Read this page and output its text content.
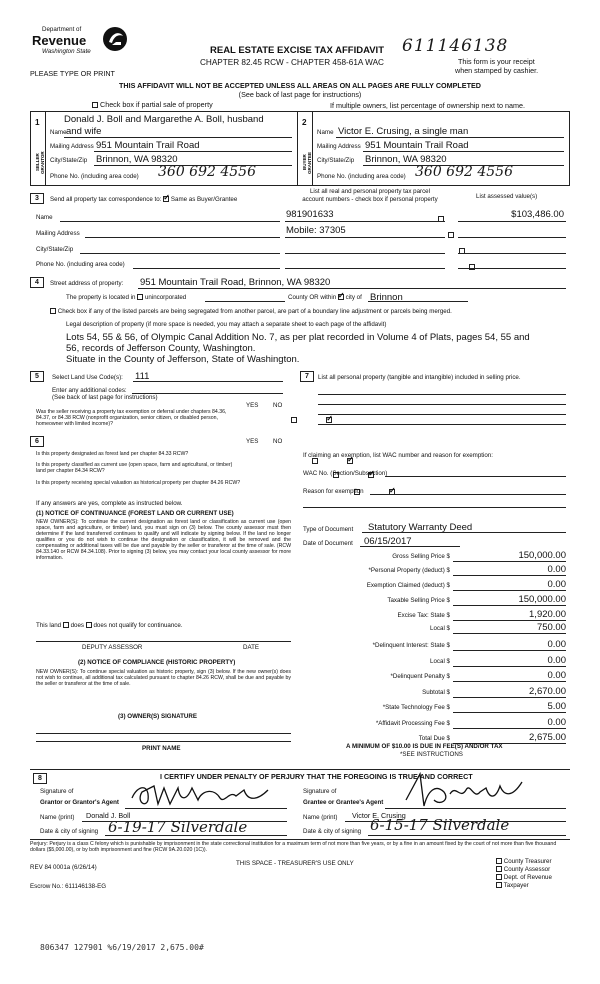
Department of
Revenue
Washington State
PLEASE TYPE OR PRINT
REAL ESTATE EXCISE TAX AFFIDAVIT
CHAPTER 82.45 RCW - CHAPTER 458-61A WAC
611146138
This form is your receipt
when stamped by cashier.
THIS AFFIDAVIT WILL NOT BE ACCEPTED UNLESS ALL AREAS ON ALL PAGES ARE FULLY COMPLETED
(See back of last page for instructions)
Check box if partial sale of property	If multiple owners, list percentage of ownership next to name.
1	2
SELLER GRANTOR	BUYER GRANTEE
Donald J. Boll and Margarethe A. Boll, husband
Name and wife
Mailing Address 951 Mountain Trail Road
City/State/Zip Brinnon, WA 98320
Phone No. (including area code) 360 692 4556
Name Victor E. Crusing, a single man
Mailing Address 951 Mountain Trail Road
City/State/Zip Brinnon, WA 98320
Phone No. (including area code) 360 692 4556
3	Send all property tax correspondence to: ✓ Same as Buyer/Grantee
List all real and personal property tax parcel
account numbers - check box if personal property	List assessed value(s)
Name
Mailing Address
City/State/Zip
Phone No. (including area code)
981901633
	$103,486.00
Mobile: 37305

4	Street address of property: 951 Mountain Trail Road, Brinnon, WA 98320
The property is located in unincorporated	County OR within ✓ city of Brinnon
Check box if any of the listed parcels are being segregated from another parcel, are part of a boundary line adjustment or parcels being merged.
Legal description of property (if more space is needed, you may attach a separate sheet to each page of the affidavit)
Lots 54, 55 & 56, of Olympic Canal Addition No. 7, as per plat recorded in Volume 4 of Plats, pages 54, 55 and
56, records of Jefferson County, Washington.
Situate in the County of Jefferson, State of Washington.
5	Select Land Use Code(s): 111
Enter any additional codes:
(See back of last page for instructions)
YES NO
Was the seller receiving a property tax exemption or deferral under chapters 84.36, 84.37, or 84.38 RCW (nonprofit organization, senior citizen, or disabled person, homeowner with limited income)?
✓
6	YES NO
Is this property designated as forest land per chapter 84.33 RCW?
✓
Is this property classified as current use (open space, farm and agricultural, or timber) land per chapter 84.34 RCW?
✓
Is this property receiving special valuation as historical property per chapter 84.26 RCW?
✓
If any answers are yes, complete as instructed below.
(1) NOTICE OF CONTINUANCE (FOREST LAND OR CURRENT USE)
NEW OWNER(S): To continue the current designation as forest land or classification as current use (open space, farm and agriculture, or timber) land, you must sign on (3) below. The county assessor must then determine if the land transferred continues to qualify and will indicate by signing below. If the land no longer qualifies or you do not wish to continue the designation or classification, it will be removed and the compensating or additional taxes will be due and payable by the seller or transferor at the time of sale. (RCW 84.33.140 or RCW 84.34.108). Prior to signing (3) below, you may contact your local county assessor for more information.
This land does does not qualify for continuance.
DEPUTY ASSESSOR	DATE
(2) NOTICE OF COMPLIANCE (HISTORIC PROPERTY)
NEW OWNER(S): To continue special valuation as historic property, sign (3) below. If the new owner(s) does not wish to continue, all additional tax calculated pursuant to chapter 84.26 RCW, shall be due and payable by the seller or transferor at the time of sale.
(3) OWNER(S) SIGNATURE
PRINT NAME
7	List all personal property (tangible and intangible) included in selling price.
If claiming an exemption, list WAC number and reason for exemption:
WAC No. (Section/Subsection)
Reason for exemption
Type of Document Statutory Warranty Deed
Date of Document 06/15/2017
Gross Selling Price $	150,000.00
*Personal Property (deduct) $	0.00
Exemption Claimed (deduct) $	0.00
Taxable Selling Price $	150,000.00
Excise Tax: State $	1,920.00
Local $	750.00
*Delinquent Interest: State $	0.00
Local $	0.00
*Delinquent Penalty $	0.00
Subtotal $	2,670.00
*State Technology Fee $	5.00
*Affidavit Processing Fee $	0.00
Total Due $	2,675.00
A MINIMUM OF $10.00 IS DUE IN FEE(S) AND/OR TAX
*SEE INSTRUCTIONS
8	I CERTIFY UNDER PENALTY OF PERJURY THAT THE FOREGOING IS TRUE AND CORRECT
Signature of
Grantor or Grantor's Agent
Name (print) Donald J. Boll
Date & city of signing 6-19-17 Silverdale
Signature of
Grantee or Grantee's Agent
Name (print) Victor E. Crusing
Date & city of signing 6-15-17 Silverdale
Perjury: Perjury is a class C felony which is punishable by imprisonment in the state correctional institution for a maximum term of not more than five years, or by a fine in an amount fixed by the court of not more than five thousand dollars ($5,000.00), or by both imprisonment and fine (RCW 9A.20.020 (1C)).
REV 84 0001a (6/26/14)
THIS SPACE - TREASURER'S USE ONLY
Escrow No.: 611146138-EG
County Treasurer
County Assessor
Dept. of Revenue
Taxpayer
806347 127901 %6/19/2017 2,675.00#
